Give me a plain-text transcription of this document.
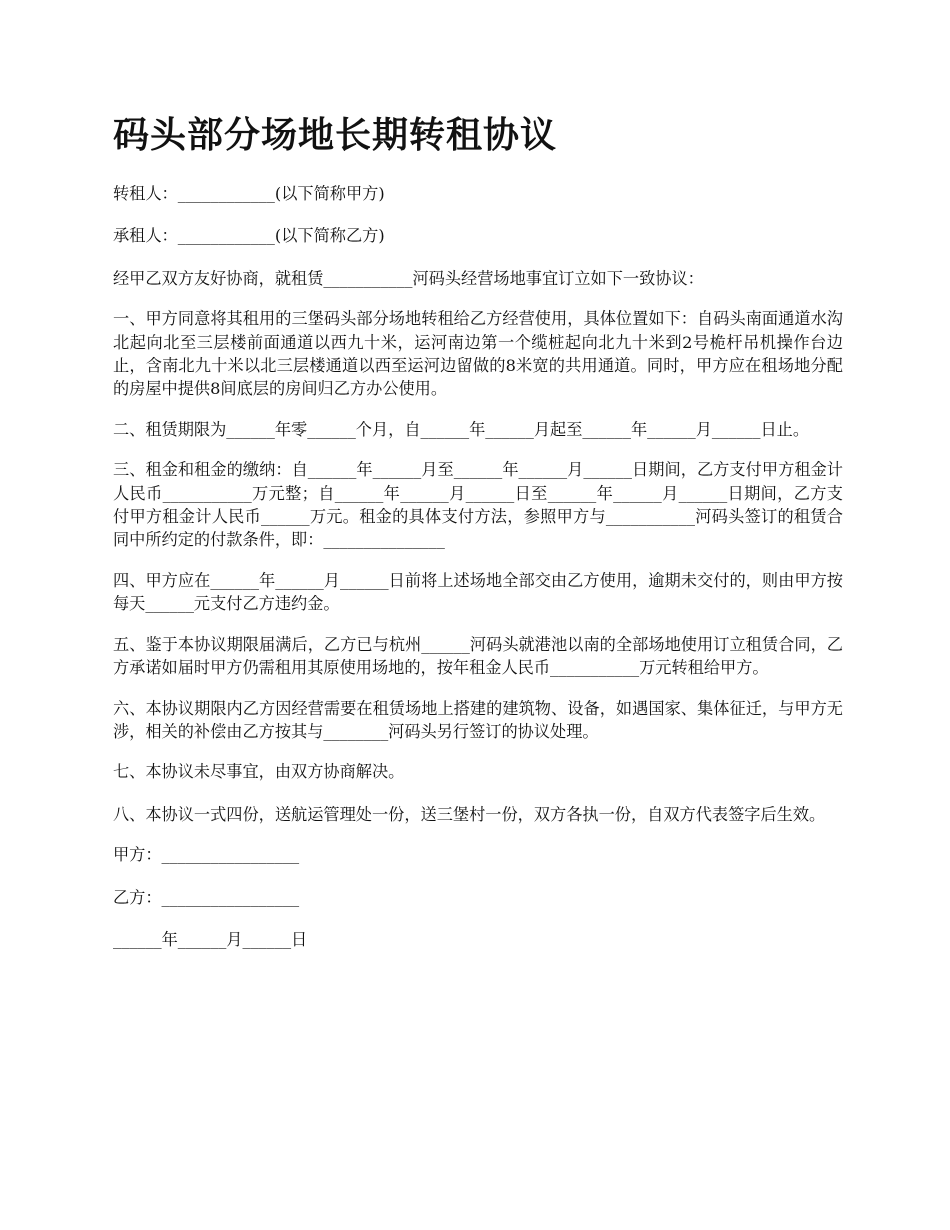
码头部分场地长期转租协议

转租人：____________(以下简称甲方)

承租人：____________(以下简称乙方)

经甲乙双方友好协商，就租赁___________河码头经营场地事宜订立如下一致协议：

一、甲方同意将其租用的三堡码头部分场地转租给乙方经营使用，具体位置如下：自码头南面通道水沟北起向北至三层楼前面通道以西九十米，运河南边第一个缆桩起向北九十米到2号桅杆吊机操作台边止，含南北九十米以北三层楼通道以西至运河边留做的8米宽的共用通道。同时，甲方应在租场地分配的房屋中提供8间底层的房间归乙方办公使用。

二、租赁期限为______年零______个月，自______年______月起至______年______月______日止。

三、租金和租金的缴纳：自______年______月至______年______月______日期间，乙方支付甲方租金计人民币___________万元整；自______年______月______日至______年______月______日期间，乙方支付甲方租金计人民币______万元。租金的具体支付方法，参照甲方与___________河码头签订的租赁合同中所约定的付款条件，即：_______________

四、甲方应在______年______月______日前将上述场地全部交由乙方使用，逾期未交付的，则由甲方按每天______元支付乙方违约金。

五、鉴于本协议期限届满后，乙方已与杭州______河码头就港池以南的全部场地使用订立租赁合同，乙方承诺如届时甲方仍需租用其原使用场地的，按年租金人民币___________万元转租给甲方。

六、本协议期限内乙方因经营需要在租赁场地上搭建的建筑物、设备，如遇国家、集体征迁，与甲方无涉，相关的补偿由乙方按其与________河码头另行签订的协议处理。

七、本协议未尽事宜，由双方协商解决。

八、本协议一式四份，送航运管理处一份，送三堡村一份，双方各执一份，自双方代表签字后生效。

甲方：_________________

乙方：_________________

______年______月______日
